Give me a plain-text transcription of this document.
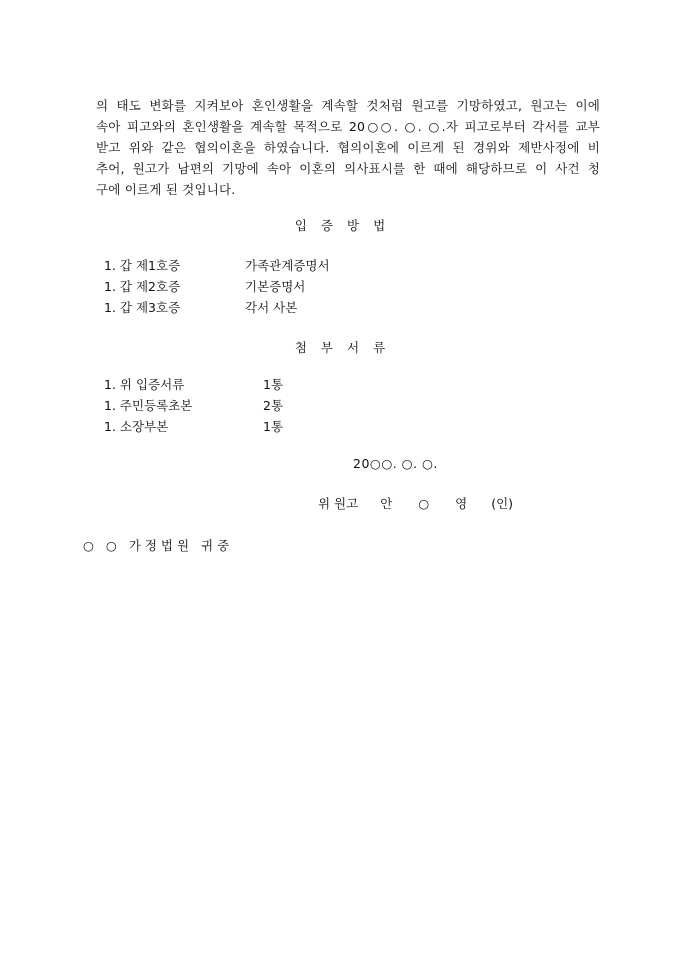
의 태도 변화를 지켜보아 혼인생활을 계속할 것처럼 원고를 기망하였고, 원고는 이에
속아 피고와의 혼인생활을 계속할 목적으로 20○○. ○. ○.자 피고로부터 각서를 교부
받고 위와 같은 협의이혼을 하였습니다. 협의이혼에 이르게 된 경위와 제반사정에 비
추어, 원고가 남편의 기망에 속아 이혼의 의사표시를 한 때에 해당하므로 이 사건 청
구에 이르게 된 것입니다.

입증방법
1. 갑 제1호증	가족관계증명서
1. 갑 제2호증	기본증명서
1. 갑 제3호증	각서 사본
첨부서류
1. 위 입증서류	1통
1. 주민등록초본	2통
1. 소장부본	1통
20○○. ○. ○.
위 원고 안 ○ 영 (인)
○ ○ 가정법원 귀중
